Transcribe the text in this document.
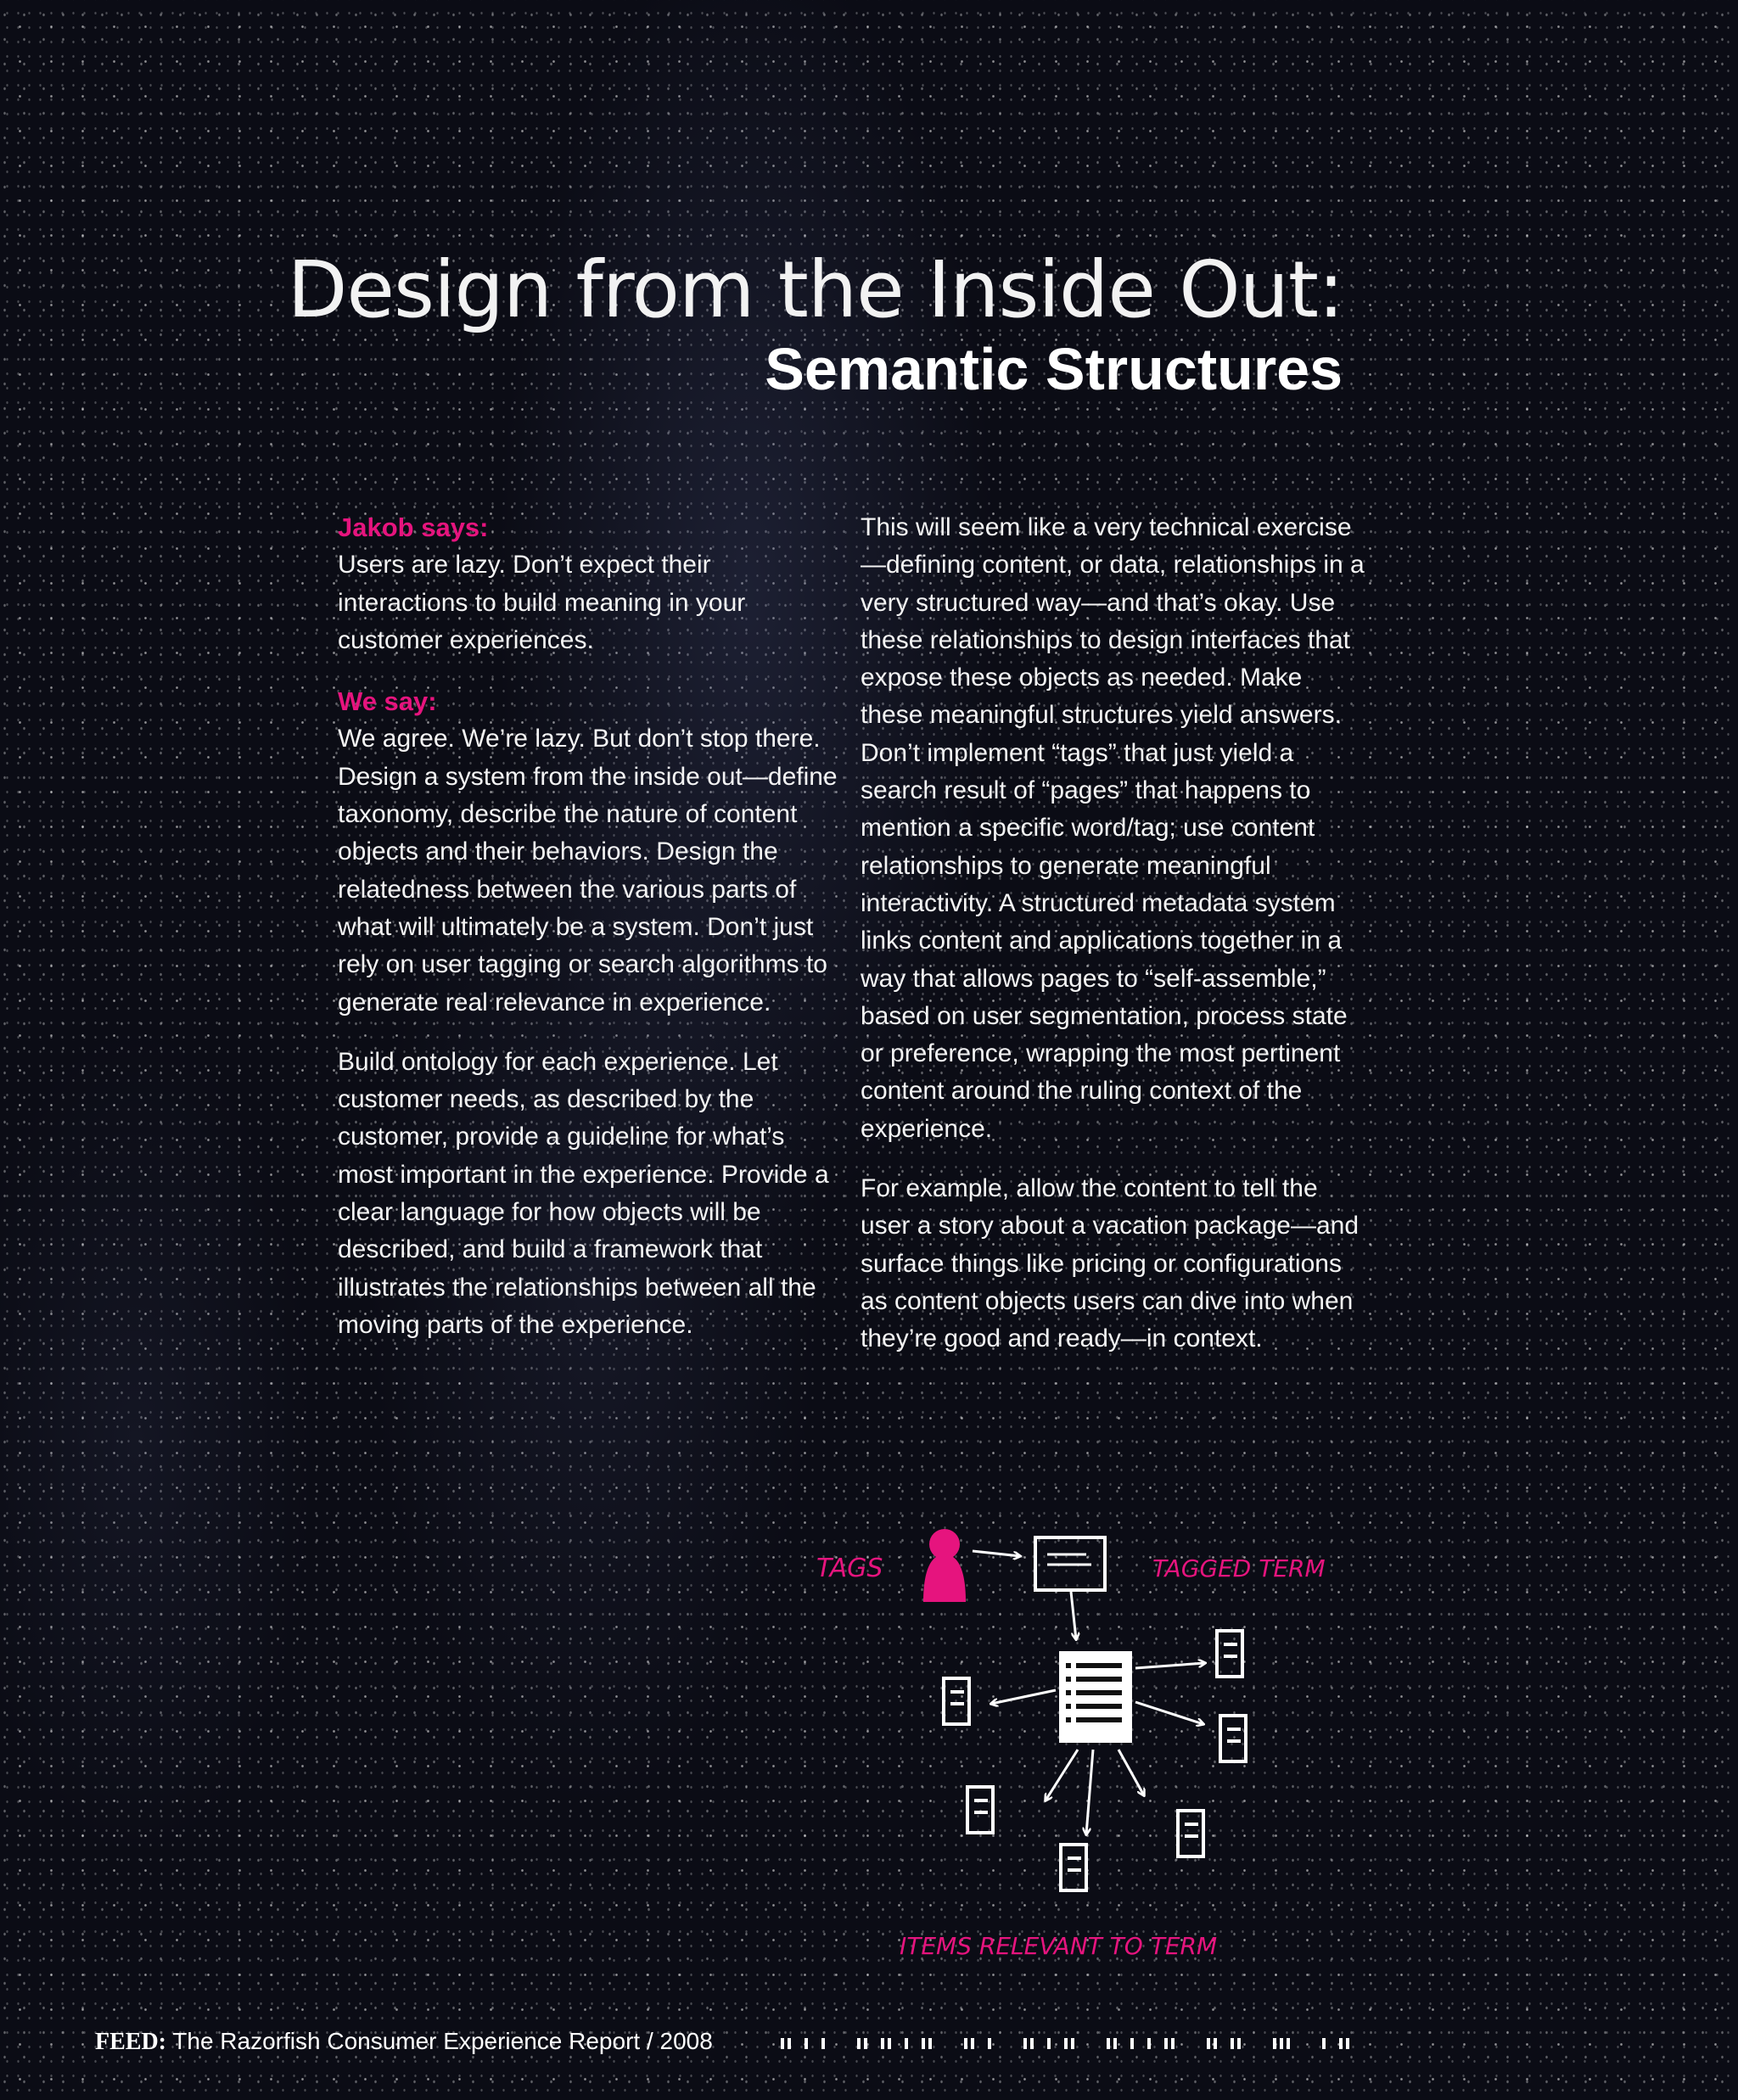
Design from the Inside Out:
Semantic Structures
Jakob says:

Users are lazy. Don’t expect their interactions to build meaning in your customer experiences.

We say:

We agree. We’re lazy. But don’t stop there. Design a system from the inside out—define taxonomy, describe the nature of content objects and their behaviors. Design the relatedness between the various parts of what will ultimately be a system. Don’t just rely on user tagging or search algorithms to generate real relevance in experience.

Build ontology for each experience. Let customer needs, as described by the customer, provide a guideline for what’s most important in the experience. Provide a clear language for how objects will be described, and build a framework that illustrates the relationships between all the moving parts of the experience.

This will seem like a very technical exercise—defining content, or data, relationships in a very structured way—and that’s okay. Use these relationships to design interfaces that expose these objects as needed. Make these meaningful structures yield answers. Don’t implement “tags” that just yield a search result of “pages” that happens to mention a specific word/tag; use content relationships to generate meaningful interactivity. A structured metadata system links content and applications together in a way that allows pages to “self-assemble,” based on user segmentation, process state or preference, wrapping the most pertinent content around the ruling context of the experience.

For example, allow the content to tell the user a story about a vacation package—and surface things like pricing or configurations as content objects users can dive into when they’re good and ready—in context.

TAGS	TAGGED TERM
ITEMS RELEVANT TO TERM
FEED: The Razorfish Consumer Experience Report / 2008
